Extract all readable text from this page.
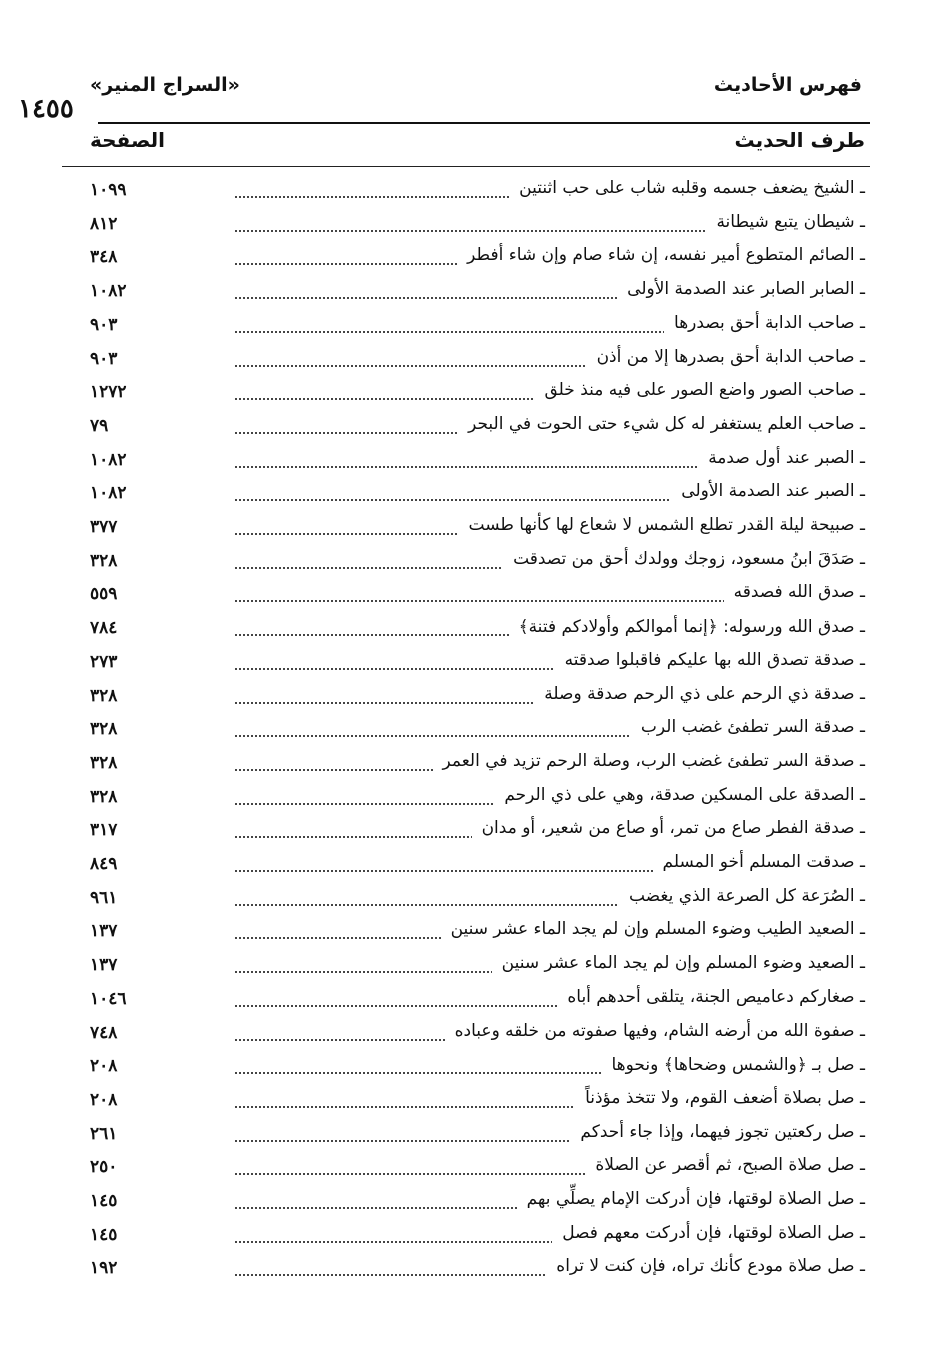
١٤٥٥
«السراج المنير»	فهرس الأحاديث
الصفحة	طرف الحديث
١٠٩٩	ـ الشيخ يضعف جسمه وقلبه شاب على حب اثنتين
٨١٢	ـ شيطان يتبع شيطانة
٣٤٨	ـ الصائم المتطوع أمير نفسه، إن شاء صام وإن شاء أفطر
١٠٨٢	ـ الصابر الصابر عند الصدمة الأولى
٩٠٣	ـ صاحب الدابة أحق بصدرها
٩٠٣	ـ صاحب الدابة أحق بصدرها إلا من أذن
١٢٧٢	ـ صاحب الصور واضع الصور على فيه منذ خلق
٧٩	ـ صاحب العلم يستغفر له كل شيء حتى الحوت في البحر
١٠٨٢	ـ الصبر عند أول صدمة
١٠٨٢	ـ الصبر عند الصدمة الأولى
٣٧٧	ـ صبيحة ليلة القدر تطلع الشمس لا شعاع لها كأنها طست
٣٢٨	ـ صَدَقَ ابنُ مسعود، زوجك وولدك أحق من تصدقت
٥٥٩	ـ صدق الله فصدقه
٧٨٤	ـ صدق الله ورسوله: ﴿إنما أموالكم وأولادكم فتنة﴾
٢٧٣	ـ صدقة تصدق الله بها عليكم فاقبلوا صدقته
٣٢٨	ـ صدقة ذي الرحم على ذي الرحم صدقة وصلة
٣٢٨	ـ صدقة السر تطفئ غضب الرب
٣٢٨	ـ صدقة السر تطفئ غضب الرب، وصلة الرحم تزيد في العمر
٣٢٨	ـ الصدقة على المسكين صدقة، وهي على ذي الرحم
٣١٧	ـ صدقة الفطر صاع من تمر، أو صاع من شعير، أو مدان
٨٤٩	ـ صدقت المسلم أخو المسلم
٩٦١	ـ الصُرَعة كل الصرعة الذي يغضب
١٣٧	ـ الصعيد الطيب وضوء المسلم وإن لم يجد الماء عشر سنين
١٣٧	ـ الصعيد وضوء المسلم وإن لم يجد الماء عشر سنين
١٠٤٦	ـ صغاركم دعاميص الجنة، يتلقى أحدهم أباه
٧٤٨	ـ صفوة الله من أرضه الشام، وفيها صفوته من خلقه وعباده
٢٠٨	ـ صل بـ ﴿والشمس وضحاها﴾ ونحوها
٢٠٨	ـ صل بصلاة أضعف القوم، ولا تتخذ مؤذناً
٢٦١	ـ صل ركعتين تجوز فيهما، وإذا جاء أحدكم
٢٥٠	ـ صل صلاة الصبح، ثم أقصر عن الصلاة
١٤٥	ـ صل الصلاة لوقتها، فإن أدركت الإمام يصلِّي بهم
١٤٥	ـ صل الصلاة لوقتها، فإن أدركت معهم فصل
١٩٢	ـ صل صلاة مودع كأنك تراه، فإن كنت لا تراه
